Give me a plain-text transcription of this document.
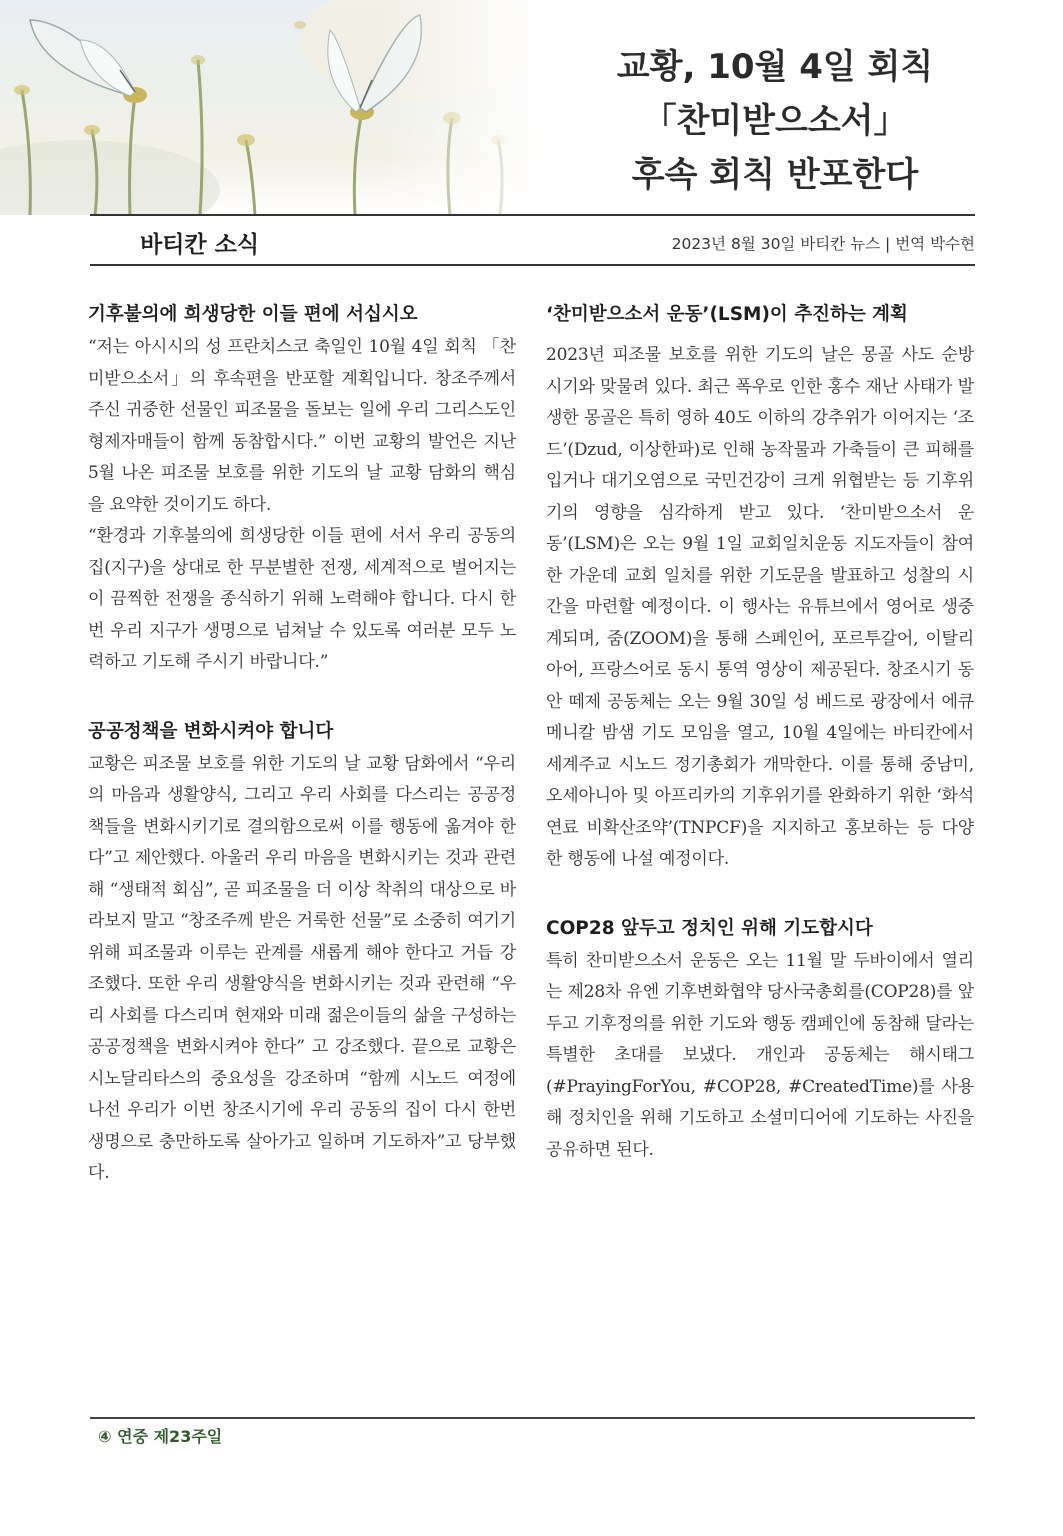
교황, 10월 4일 회칙
「찬미받으소서」
후속 회칙 반포한다
바티칸 소식	2023년 8월 30일 바티칸 뉴스 | 번역 박수현
기후불의에 희생당한 이들 편에 서십시오

“저는 아시시의 성 프란치스코 축일인 10월 4일 회칙 「찬미받으소서」의 후속편을 반포할 계획입니다. 창조주께서 주신 귀중한 선물인 피조물을 돌보는 일에 우리 그리스도인 형제자매들이 함께 동참합시다.” 이번 교황의 발언은 지난 5월 나온 피조물 보호를 위한 기도의 날 교황 담화의 핵심을 요약한 것이기도 하다.

“환경과 기후불의에 희생당한 이들 편에 서서 우리 공동의 집(지구)을 상대로 한 무분별한 전쟁, 세계적으로 벌어지는 이 끔찍한 전쟁을 종식하기 위해 노력해야 합니다. 다시 한번 우리 지구가 생명으로 넘쳐날 수 있도록 여러분 모두 노력하고 기도해 주시기 바랍니다.”

공공정책을 변화시켜야 합니다

교황은 피조물 보호를 위한 기도의 날 교황 담화에서 “우리의 마음과 생활양식, 그리고 우리 사회를 다스리는 공공정책들을 변화시키기로 결의함으로써 이를 행동에 옮겨야 한다”고 제안했다. 아울러 우리 마음을 변화시키는 것과 관련해 “생태적 회심”, 곧 피조물을 더 이상 착취의 대상으로 바라보지 말고 “창조주께 받은 거룩한 선물”로 소중히 여기기 위해 피조물과 이루는 관계를 새롭게 해야 한다고 거듭 강조했다. 또한 우리 생활양식을 변화시키는 것과 관련해 “우리 사회를 다스리며 현재와 미래 젊은이들의 삶을 구성하는 공공정책을 변화시켜야 한다” 고 강조했다. 끝으로 교황은 시노달리타스의 중요성을 강조하며 “함께 시노드 여정에 나선 우리가 이번 창조시기에 우리 공동의 집이 다시 한번 생명으로 충만하도록 살아가고 일하며 기도하자”고 당부했다.

‘찬미받으소서 운동’(LSM)이 추진하는 계획

2023년 피조물 보호를 위한 기도의 날은 몽골 사도 순방 시기와 맞물려 있다. 최근 폭우로 인한 홍수 재난 사태가 발생한 몽골은 특히 영하 40도 이하의 강추위가 이어지는 ‘조드’(Dzud, 이상한파)로 인해 농작물과 가축들이 큰 피해를 입거나 대기오염으로 국민건강이 크게 위협받는 등 기후위기의 영향을 심각하게 받고 있다. ‘찬미받으소서 운동’(LSM)은 오는 9월 1일 교회일치운동 지도자들이 참여한 가운데 교회 일치를 위한 기도문을 발표하고 성찰의 시간을 마련할 예정이다. 이 행사는 유튜브에서 영어로 생중계되며, 줌(ZOOM)을 통해 스페인어, 포르투갈어, 이탈리아어, 프랑스어로 동시 통역 영상이 제공된다. 창조시기 동안 떼제 공동체는 오는 9월 30일 성 베드로 광장에서 에큐메니칼 밤샘 기도 모임을 열고, 10월 4일에는 바티칸에서 세계주교 시노드 정기총회가 개막한다. 이를 통해 중남미, 오세아니아 및 아프리카의 기후위기를 완화하기 위한 ‘화석연료 비확산조약’(TNPCF)을 지지하고 홍보하는 등 다양한 행동에 나설 예정이다.

COP28 앞두고 정치인 위해 기도합시다

특히 찬미받으소서 운동은 오는 11월 말 두바이에서 열리는 제28차 유엔 기후변화협약 당사국총회를(COP28)를 앞두고 기후정의를 위한 기도와 행동 캠페인에 동참해 달라는 특별한 초대를 보냈다. 개인과 공동체는 해시태그(#PrayingForYou, #COP28, #CreatedTime)를 사용해 정치인을 위해 기도하고 소셜미디어에 기도하는 사진을 공유하면 된다.

④ 연중 제23주일
